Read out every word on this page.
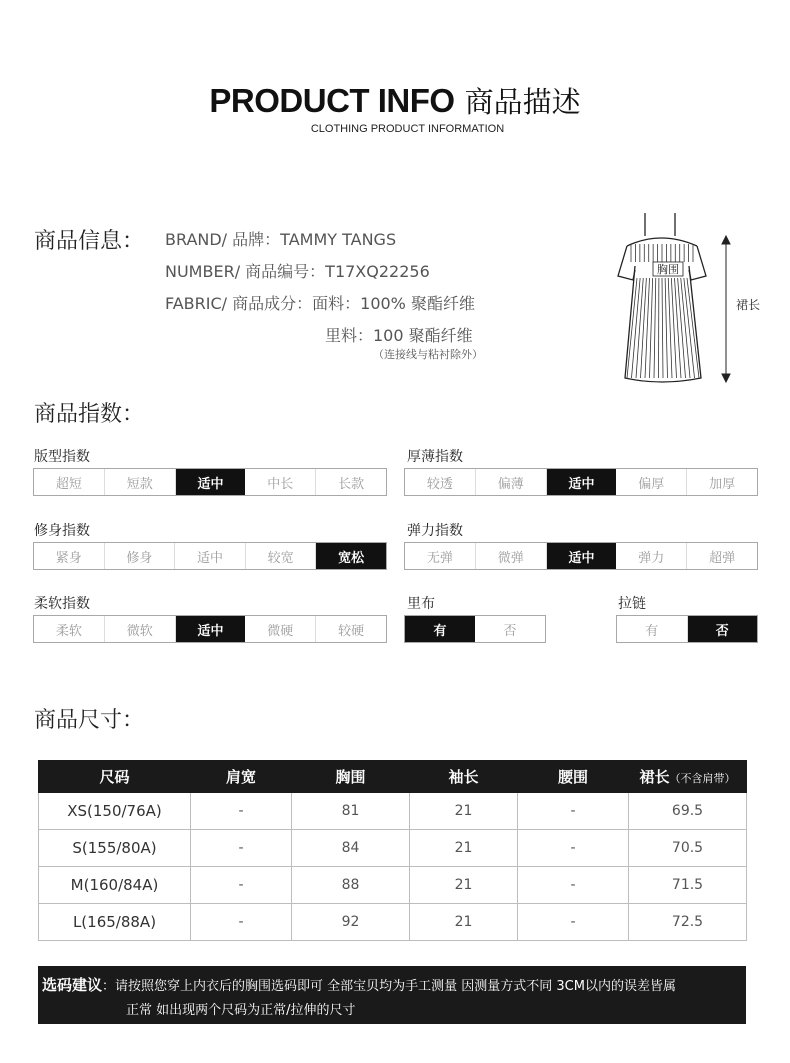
PRODUCT INFO 商品描述
CLOTHING PRODUCT INFORMATION
商品信息： BRAND/ 品牌：TAMMY TANGS
NUMBER/ 商品编号：T17XQ22256
FABRIC/ 商品成分：面料：100% 聚酯纤维
里料：100 聚酯纤维
（连接线与粘衬除外）
胸围
裙长
商品指数：
版型指数
超短	短款	适中	中长	长款
厚薄指数
较透	偏薄	适中	偏厚	加厚
修身指数
紧身	修身	适中	较宽	宽松
弹力指数
无弹	微弹	适中	弹力	超弹
柔软指数
柔软	微软	适中	微硬	较硬
里布
有	否
拉链
有	否
商品尺寸：
尺码	肩宽	胸围	袖长	腰围	裙长（不含肩带）
XS(150/76A)	-	81	21	-	69.5
S(155/80A)	-	84	21	-	70.5
M(160/84A)	-	88	21	-	71.5
L(165/88A)	-	92	21	-	72.5
选码建议：请按照您穿上内衣后的胸围选码即可 全部宝贝均为手工测量 因测量方式不同 3CM以内的误差皆属
正常 如出现两个尺码为正常/拉伸的尺寸
